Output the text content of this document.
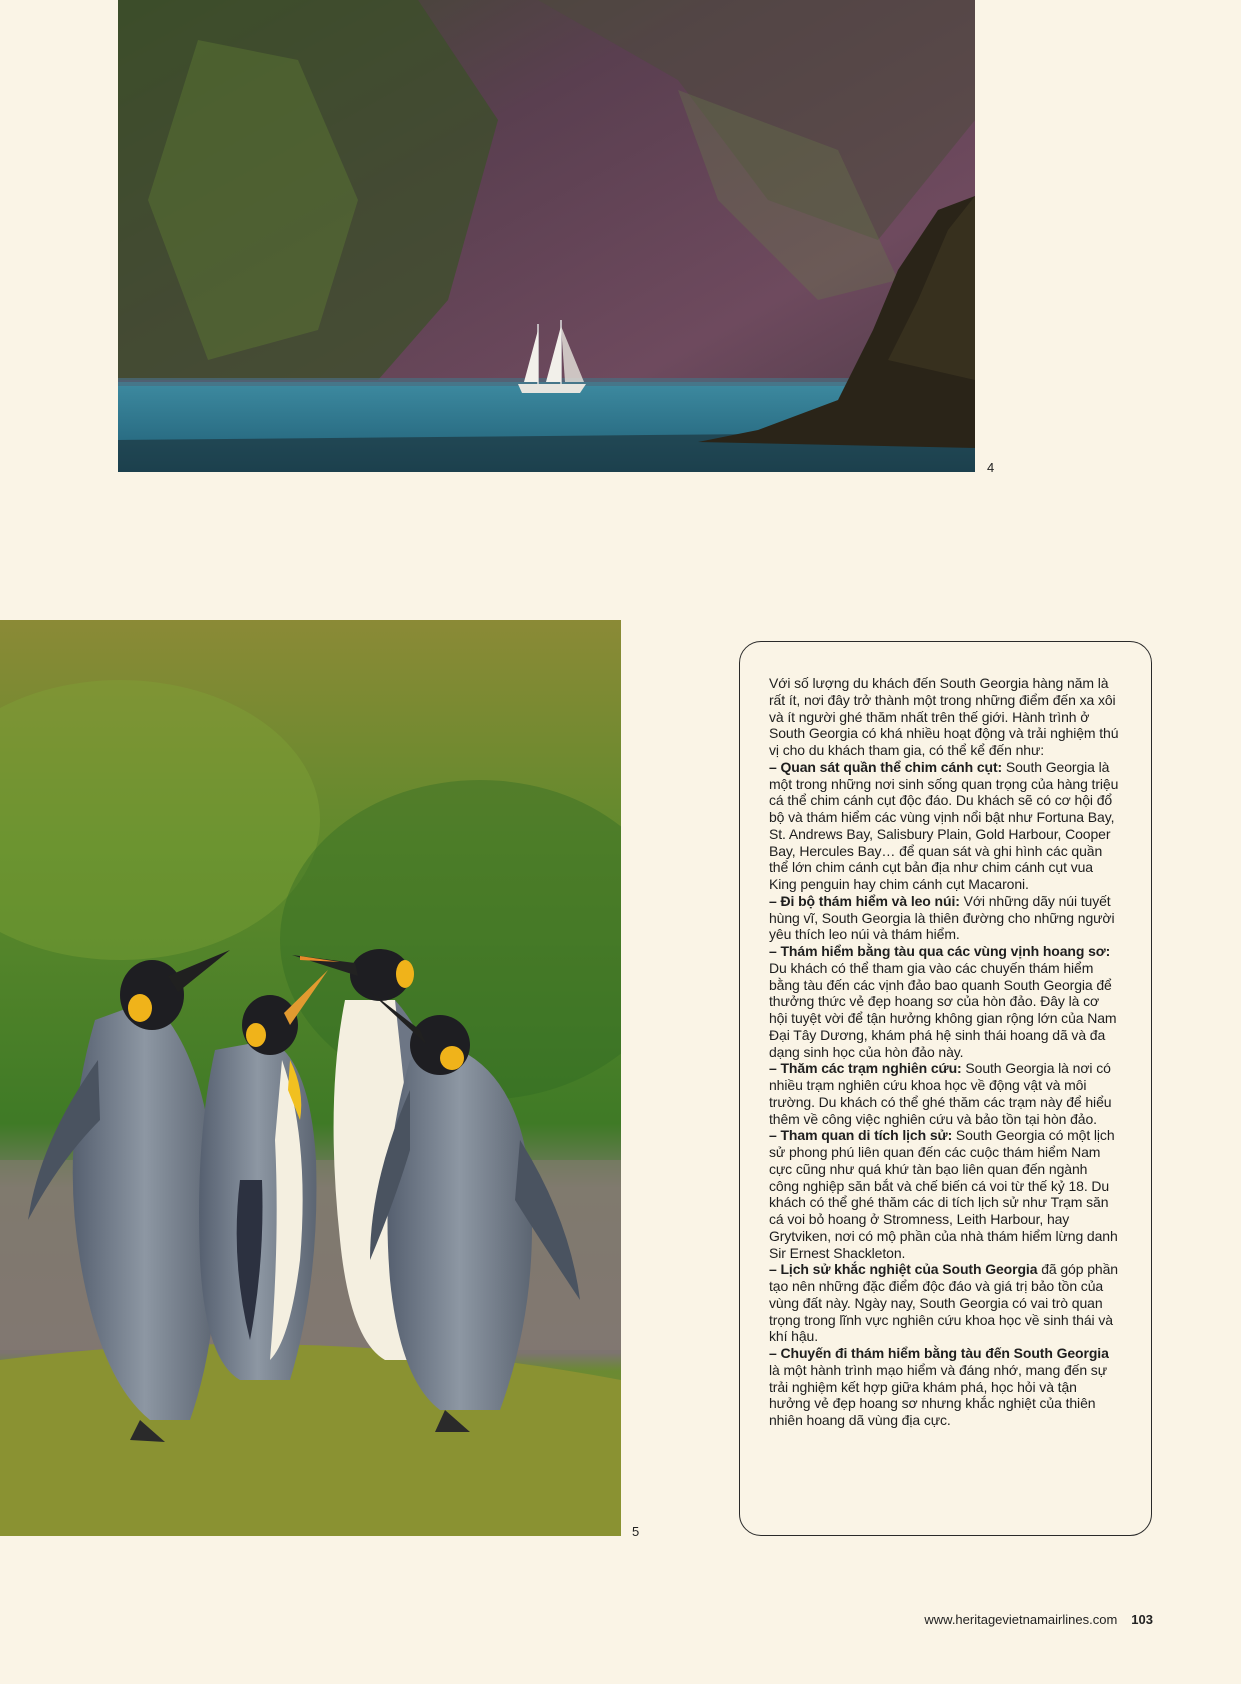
4
5

Với số lượng du khách đến South Georgia hàng năm là rất ít, nơi đây trở thành một trong những điểm đến xa xôi và ít người ghé thăm nhất trên thế giới. Hành trình ở South Georgia có khá nhiều hoạt động và trải nghiệm thú vị cho du khách tham gia, có thể kể đến như:

– Quan sát quần thể chim cánh cụt: South Georgia là một trong những nơi sinh sống quan trọng của hàng triệu cá thể chim cánh cụt độc đáo. Du khách sẽ có cơ hội đổ bộ và thám hiểm các vùng vịnh nổi bật như Fortuna Bay, St. Andrews Bay, Salisbury Plain, Gold Harbour, Cooper Bay, Hercules Bay… để quan sát và ghi hình các quần thể lớn chim cánh cụt bản địa như chim cánh cụt vua King penguin hay chim cánh cụt Macaroni.

– Đi bộ thám hiểm và leo núi: Với những dãy núi tuyết hùng vĩ, South Georgia là thiên đường cho những người yêu thích leo núi và thám hiểm.

– Thám hiểm bằng tàu qua các vùng vịnh hoang sơ: Du khách có thể tham gia vào các chuyến thám hiểm bằng tàu đến các vịnh đảo bao quanh South Georgia để thưởng thức vẻ đẹp hoang sơ của hòn đảo. Đây là cơ hội tuyệt vời để tận hưởng không gian rộng lớn của Nam Đại Tây Dương, khám phá hệ sinh thái hoang dã và đa dạng sinh học của hòn đảo này.

– Thăm các trạm nghiên cứu: South Georgia là nơi có nhiều trạm nghiên cứu khoa học về động vật và môi trường. Du khách có thể ghé thăm các trạm này để hiểu thêm về công việc nghiên cứu và bảo tồn tại hòn đảo.

– Tham quan di tích lịch sử: South Georgia có một lịch sử phong phú liên quan đến các cuộc thám hiểm Nam cực cũng như quá khứ tàn bạo liên quan đến ngành công nghiệp săn bắt và chế biến cá voi từ thế kỷ 18. Du khách có thể ghé thăm các di tích lịch sử như Trạm săn cá voi bỏ hoang ở Stromness, Leith Harbour, hay Grytviken, nơi có mộ phần của nhà thám hiểm lừng danh Sir Ernest Shackleton.

– Lịch sử khắc nghiệt của South Georgia đã góp phần tạo nên những đặc điểm độc đáo và giá trị bảo tồn của vùng đất này. Ngày nay, South Georgia có vai trò quan trọng trong lĩnh vực nghiên cứu khoa học về sinh thái và khí hậu.

– Chuyến đi thám hiểm bằng tàu đến South Georgia là một hành trình mạo hiểm và đáng nhớ, mang đến sự trải nghiệm kết hợp giữa khám phá, học hỏi và tận hưởng vẻ đẹp hoang sơ nhưng khắc nghiệt của thiên nhiên hoang dã vùng địa cực.

www.heritagevietnamairlines.com 103
